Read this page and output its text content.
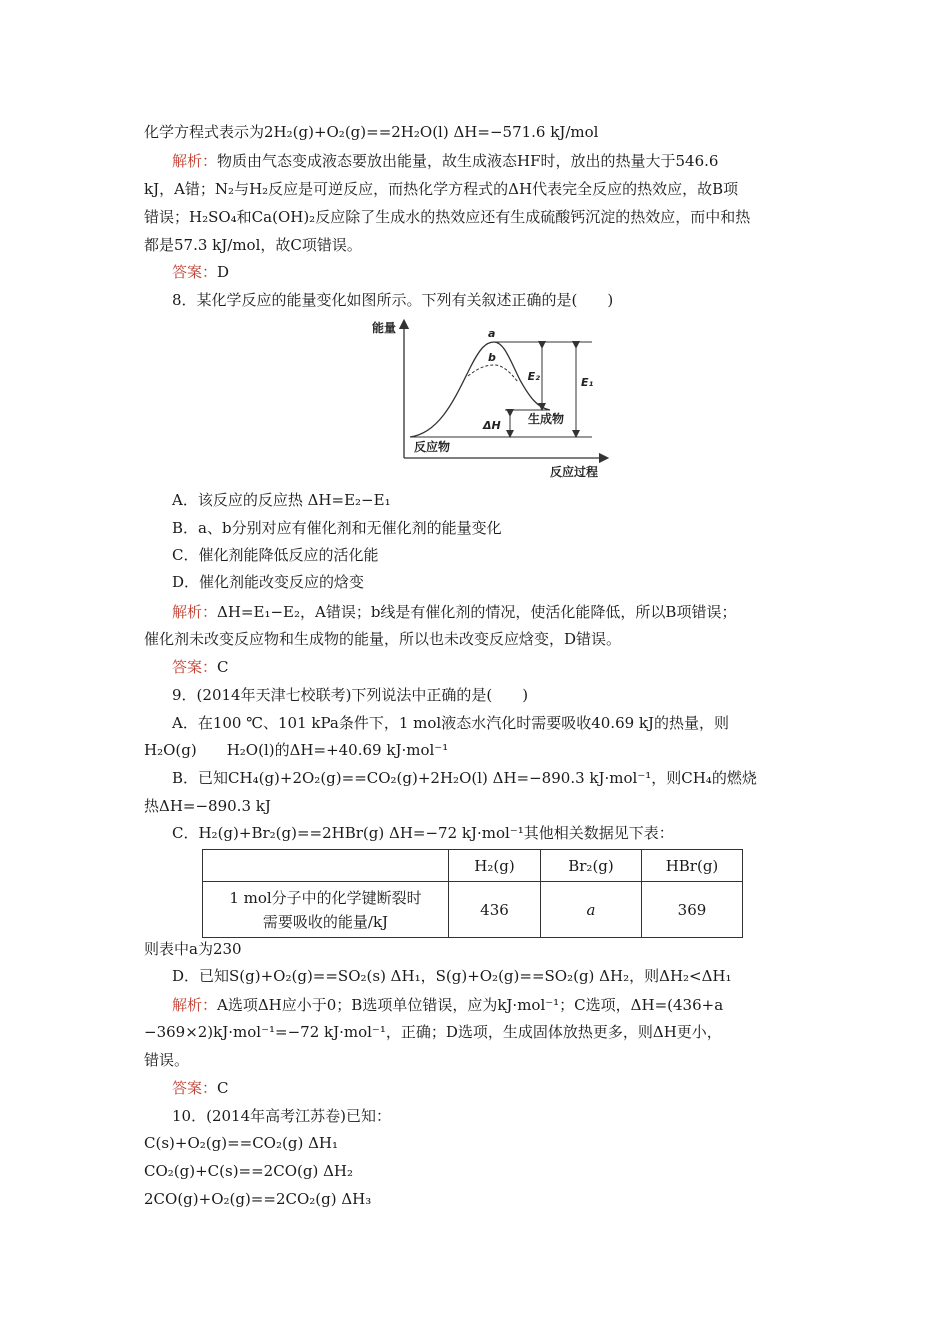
化学方程式表示为2H₂(g)+O₂(g)==2H₂O(l) ΔH=−571.6 kJ/mol
解析：物质由气态变成液态要放出能量，故生成液态HF时，放出的热量大于546.6
kJ，A错；N₂与H₂反应是可逆反应，而热化学方程式的ΔH代表完全反应的热效应，故B项
错误；H₂SO₄和Ca(OH)₂反应除了生成水的热效应还有生成硫酸钙沉淀的热效应，而中和热
都是57.3 kJ/mol，故C项错误。
答案：D
8．某化学反应的能量变化如图所示。下列有关叙述正确的是(　　)
能量
反应过程
a
b
E₂	E₁
ΔH 生成物
反应物
A．该反应的反应热 ΔH=E₂−E₁
B．a、b分别对应有催化剂和无催化剂的能量变化
C．催化剂能降低反应的活化能
D．催化剂能改变反应的焓变
解析：ΔH=E₁−E₂，A错误；b线是有催化剂的情况，使活化能降低，所以B项错误；
催化剂未改变反应物和生成物的能量，所以也未改变反应焓变，D错误。
答案：C
9．(2014年天津七校联考)下列说法中正确的是(　　)
A．在100 ℃、101 kPa条件下，1 mol液态水汽化时需要吸收40.69 kJ的热量，则
H₂O(g)　　H₂O(l)的ΔH=+40.69 kJ·mol⁻¹
B．已知CH₄(g)+2O₂(g)==CO₂(g)+2H₂O(l) ΔH=−890.3 kJ·mol⁻¹，则CH₄的燃烧
热ΔH=−890.3 kJ
C．H₂(g)+Br₂(g)==2HBr(g) ΔH=−72 kJ·mol⁻¹其他相关数据见下表：
	H₂(g)	Br₂(g)	HBr(g)

1 mol分子中的化学键断裂时
需要吸收的能量/kJ	436	a	369
则表中a为230
D．已知S(g)+O₂(g)==SO₂(s) ΔH₁，S(g)+O₂(g)==SO₂(g) ΔH₂，则ΔH₂<ΔH₁
解析：A选项ΔH应小于0；B选项单位错误，应为kJ·mol⁻¹；C选项，ΔH=(436+a
−369×2)kJ·mol⁻¹=−72 kJ·mol⁻¹，正确；D选项，生成固体放热更多，则ΔH更小，
错误。
答案：C
10．(2014年高考江苏卷)已知：
C(s)+O₂(g)==CO₂(g) ΔH₁
CO₂(g)+C(s)==2CO(g) ΔH₂
2CO(g)+O₂(g)==2CO₂(g) ΔH₃
